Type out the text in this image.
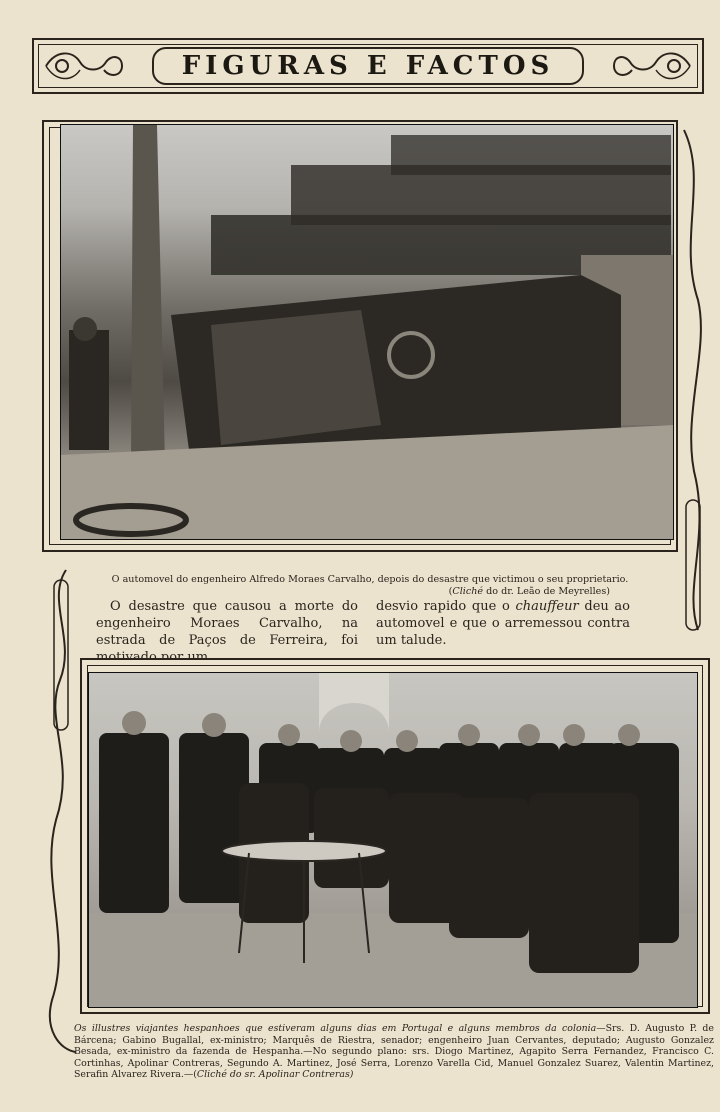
FIGURAS E FACTOS
O automovel do engenheiro Alfredo Moraes Carvalho, depois do desastre que victimou o seu proprietario.
(Cliché do dr. Leão de Meyrelles)
O desastre que causou a morte do engenheiro Moraes Carvalho, na estrada de Paços de Ferreira, foi
desvio rapido que o chauffeur deu ao automovel e que o arremessou contra um talude.
Os illustres viajantes hespanhoes que estiveram alguns dias em Portugal e alguns membros da colonia—Srs. D. Augusto P. de Bárcena; Gabino Bugallal, ex-ministro; Marquês de Riestra, senador; engenheiro Juan Cervantes, deputado; Augusto Gonzalez Besada, ex-ministro da fazenda de Hespanha.—No segundo plano: srs. Diogo Martinez, Agapito Serra Fernandez, Francisco C. Cortinhas, Apolinar Contreras, Segundo A. Martinez, José Serra, Lorenzo Varella Cid, Manuel Gonzalez Suarez, Valentin Martinez, Serafin Alvarez Rivera.—(Cliché do sr. Apolinar Contreras)
